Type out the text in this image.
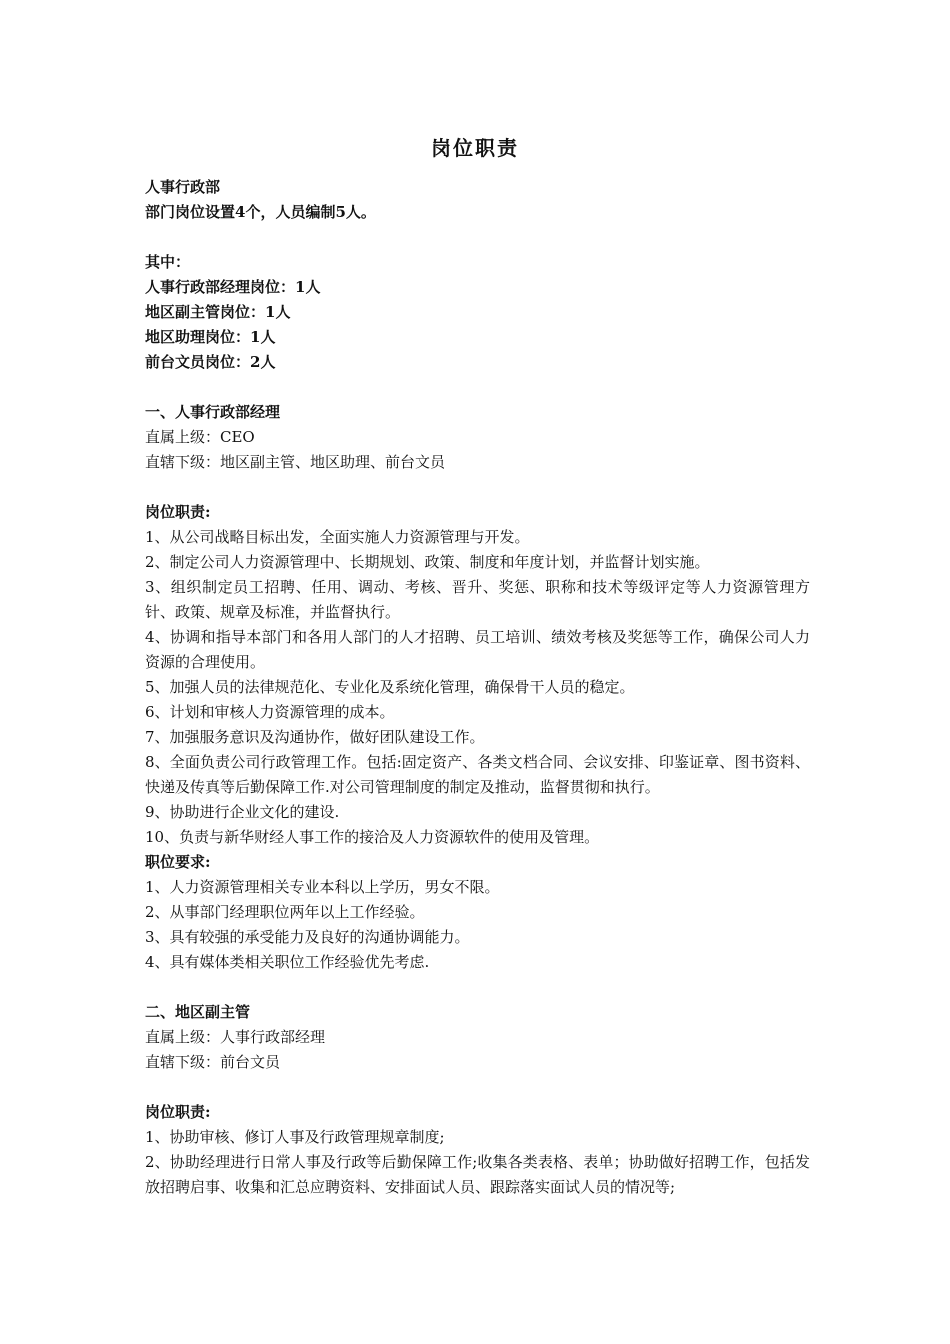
岗位职责

人事行政部

部门岗位设置4个，人员编制5人。

其中：

人事行政部经理岗位：1人

地区副主管岗位：1人

地区助理岗位：1人

前台文员岗位：2人

一、人事行政部经理

直属上级：CEO

直辖下级：地区副主管、地区助理、前台文员

岗位职责:

1、从公司战略目标出发，全面实施人力资源管理与开发。

2、制定公司人力资源管理中、长期规划、政策、制度和年度计划，并监督计划实施。

3、组织制定员工招聘、任用、调动、考核、晋升、奖惩、职称和技术等级评定等人力资源管理方针、政策、规章及标准，并监督执行。

4、协调和指导本部门和各用人部门的人才招聘、员工培训、绩效考核及奖惩等工作，确保公司人力资源的合理使用。

5、加强人员的法律规范化、专业化及系统化管理，确保骨干人员的稳定。

6、计划和审核人力资源管理的成本。

7、加强服务意识及沟通协作，做好团队建设工作。

8、全面负责公司行政管理工作。包括:固定资产、各类文档合同、会议安排、印鉴证章、图书资料、快递及传真等后勤保障工作.对公司管理制度的制定及推动，监督贯彻和执行。

9、协助进行企业文化的建设.

10、负责与新华财经人事工作的接洽及人力资源软件的使用及管理。

职位要求:

1、人力资源管理相关专业本科以上学历，男女不限。

2、从事部门经理职位两年以上工作经验。

3、具有较强的承受能力及良好的沟通协调能力。

4、具有媒体类相关职位工作经验优先考虑.

二、地区副主管

直属上级：人事行政部经理

直辖下级：前台文员

岗位职责:

1、协助审核、修订人事及行政管理规章制度;

2、协助经理进行日常人事及行政等后勤保障工作;收集各类表格、表单；协助做好招聘工作，包括发放招聘启事、收集和汇总应聘资料、安排面试人员、跟踪落实面试人员的情况等;
